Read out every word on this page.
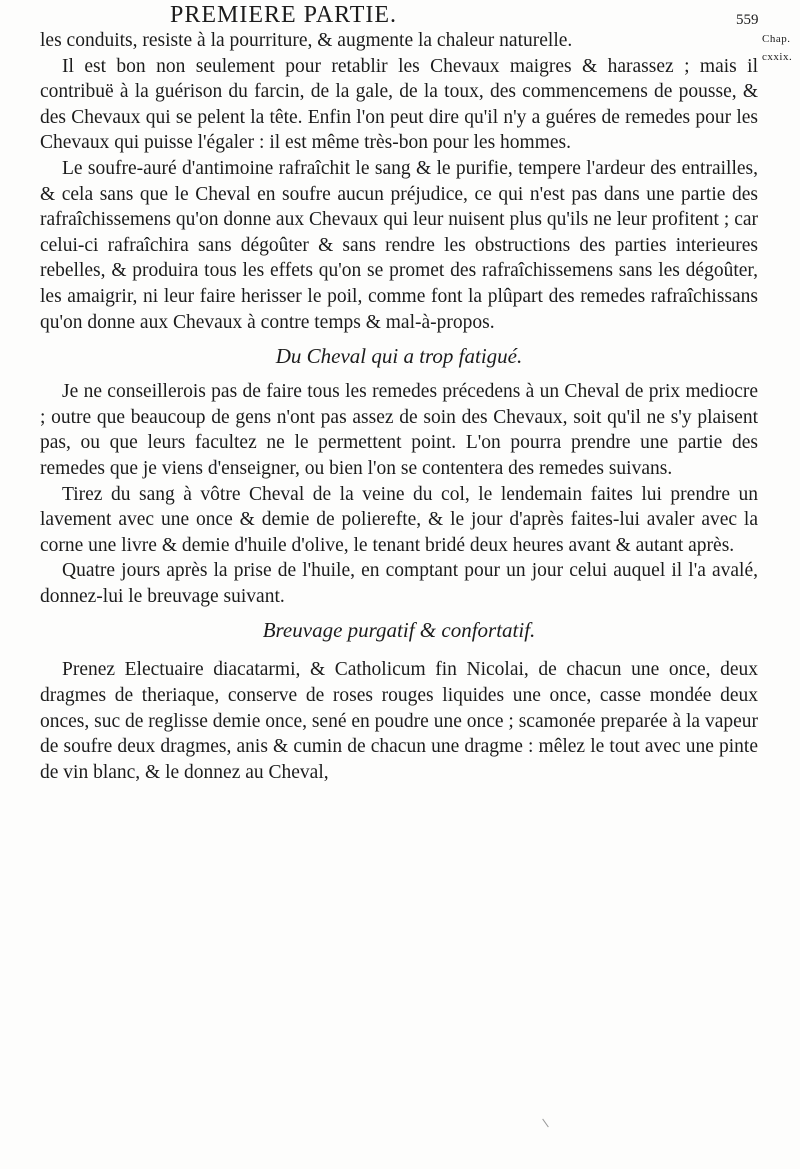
PREMIERE PARTIE.	559
Chap.
cxxix.

les conduits, resiste à la pourriture, & augmente la chaleur naturelle.

Il est bon non seulement pour retablir les Chevaux maigres & harassez ; mais il contribuë à la guérison du farcin, de la gale, de la toux, des commencemens de pousse, & des Chevaux qui se pelent la tête. Enfin l'on peut dire qu'il n'y a guéres de remedes pour les Chevaux qui puisse l'égaler : il est même très-bon pour les hommes.

Le soufre-auré d'antimoine rafraîchit le sang & le purifie, tempere l'ardeur des entrailles, & cela sans que le Cheval en soufre aucun préjudice, ce qui n'est pas dans une partie des rafraîchissemens qu'on donne aux Chevaux qui leur nuisent plus qu'ils ne leur profitent ; car celui-ci rafraîchira sans dégoûter & sans rendre les obstructions des parties interieures rebelles, & produira tous les effets qu'on se promet des rafraîchissemens sans les dégoûter, les amaigrir, ni leur faire herisser le poil, comme font la plûpart des remedes rafraîchissans qu'on donne aux Chevaux à contre temps & mal-à-propos.

Du Cheval qui a trop fatigué.

Je ne conseillerois pas de faire tous les remedes précedens à un Cheval de prix mediocre ; outre que beaucoup de gens n'ont pas assez de soin des Chevaux, soit qu'il ne s'y plaisent pas, ou que leurs facultez ne le permettent point. L'on pourra prendre une partie des remedes que je viens d'enseigner, ou bien l'on se contentera des remedes suivans.

Tirez du sang à vôtre Cheval de la veine du col, le lendemain faites lui prendre un lavement avec une once & demie de polierefte, & le jour d'après faites-lui avaler avec la corne une livre & demie d'huile d'olive, le tenant bridé deux heures avant & autant après.

Quatre jours après la prise de l'huile, en comptant pour un jour celui auquel il l'a avalé, donnez-lui le breuvage suivant.

Breuvage purgatif & confortatif.

Prenez Electuaire diacatarmi, & Catholicum fin Nicolai, de chacun une once, deux dragmes de theriaque, conserve de roses rouges liquides une once, casse mondée deux onces, suc de reglisse demie once, sené en poudre une once ; scamonée preparée à la vapeur de soufre deux dragmes, anis & cumin de chacun une dragme : mêlez le tout avec une pinte de vin blanc, & le donnez au Cheval,
